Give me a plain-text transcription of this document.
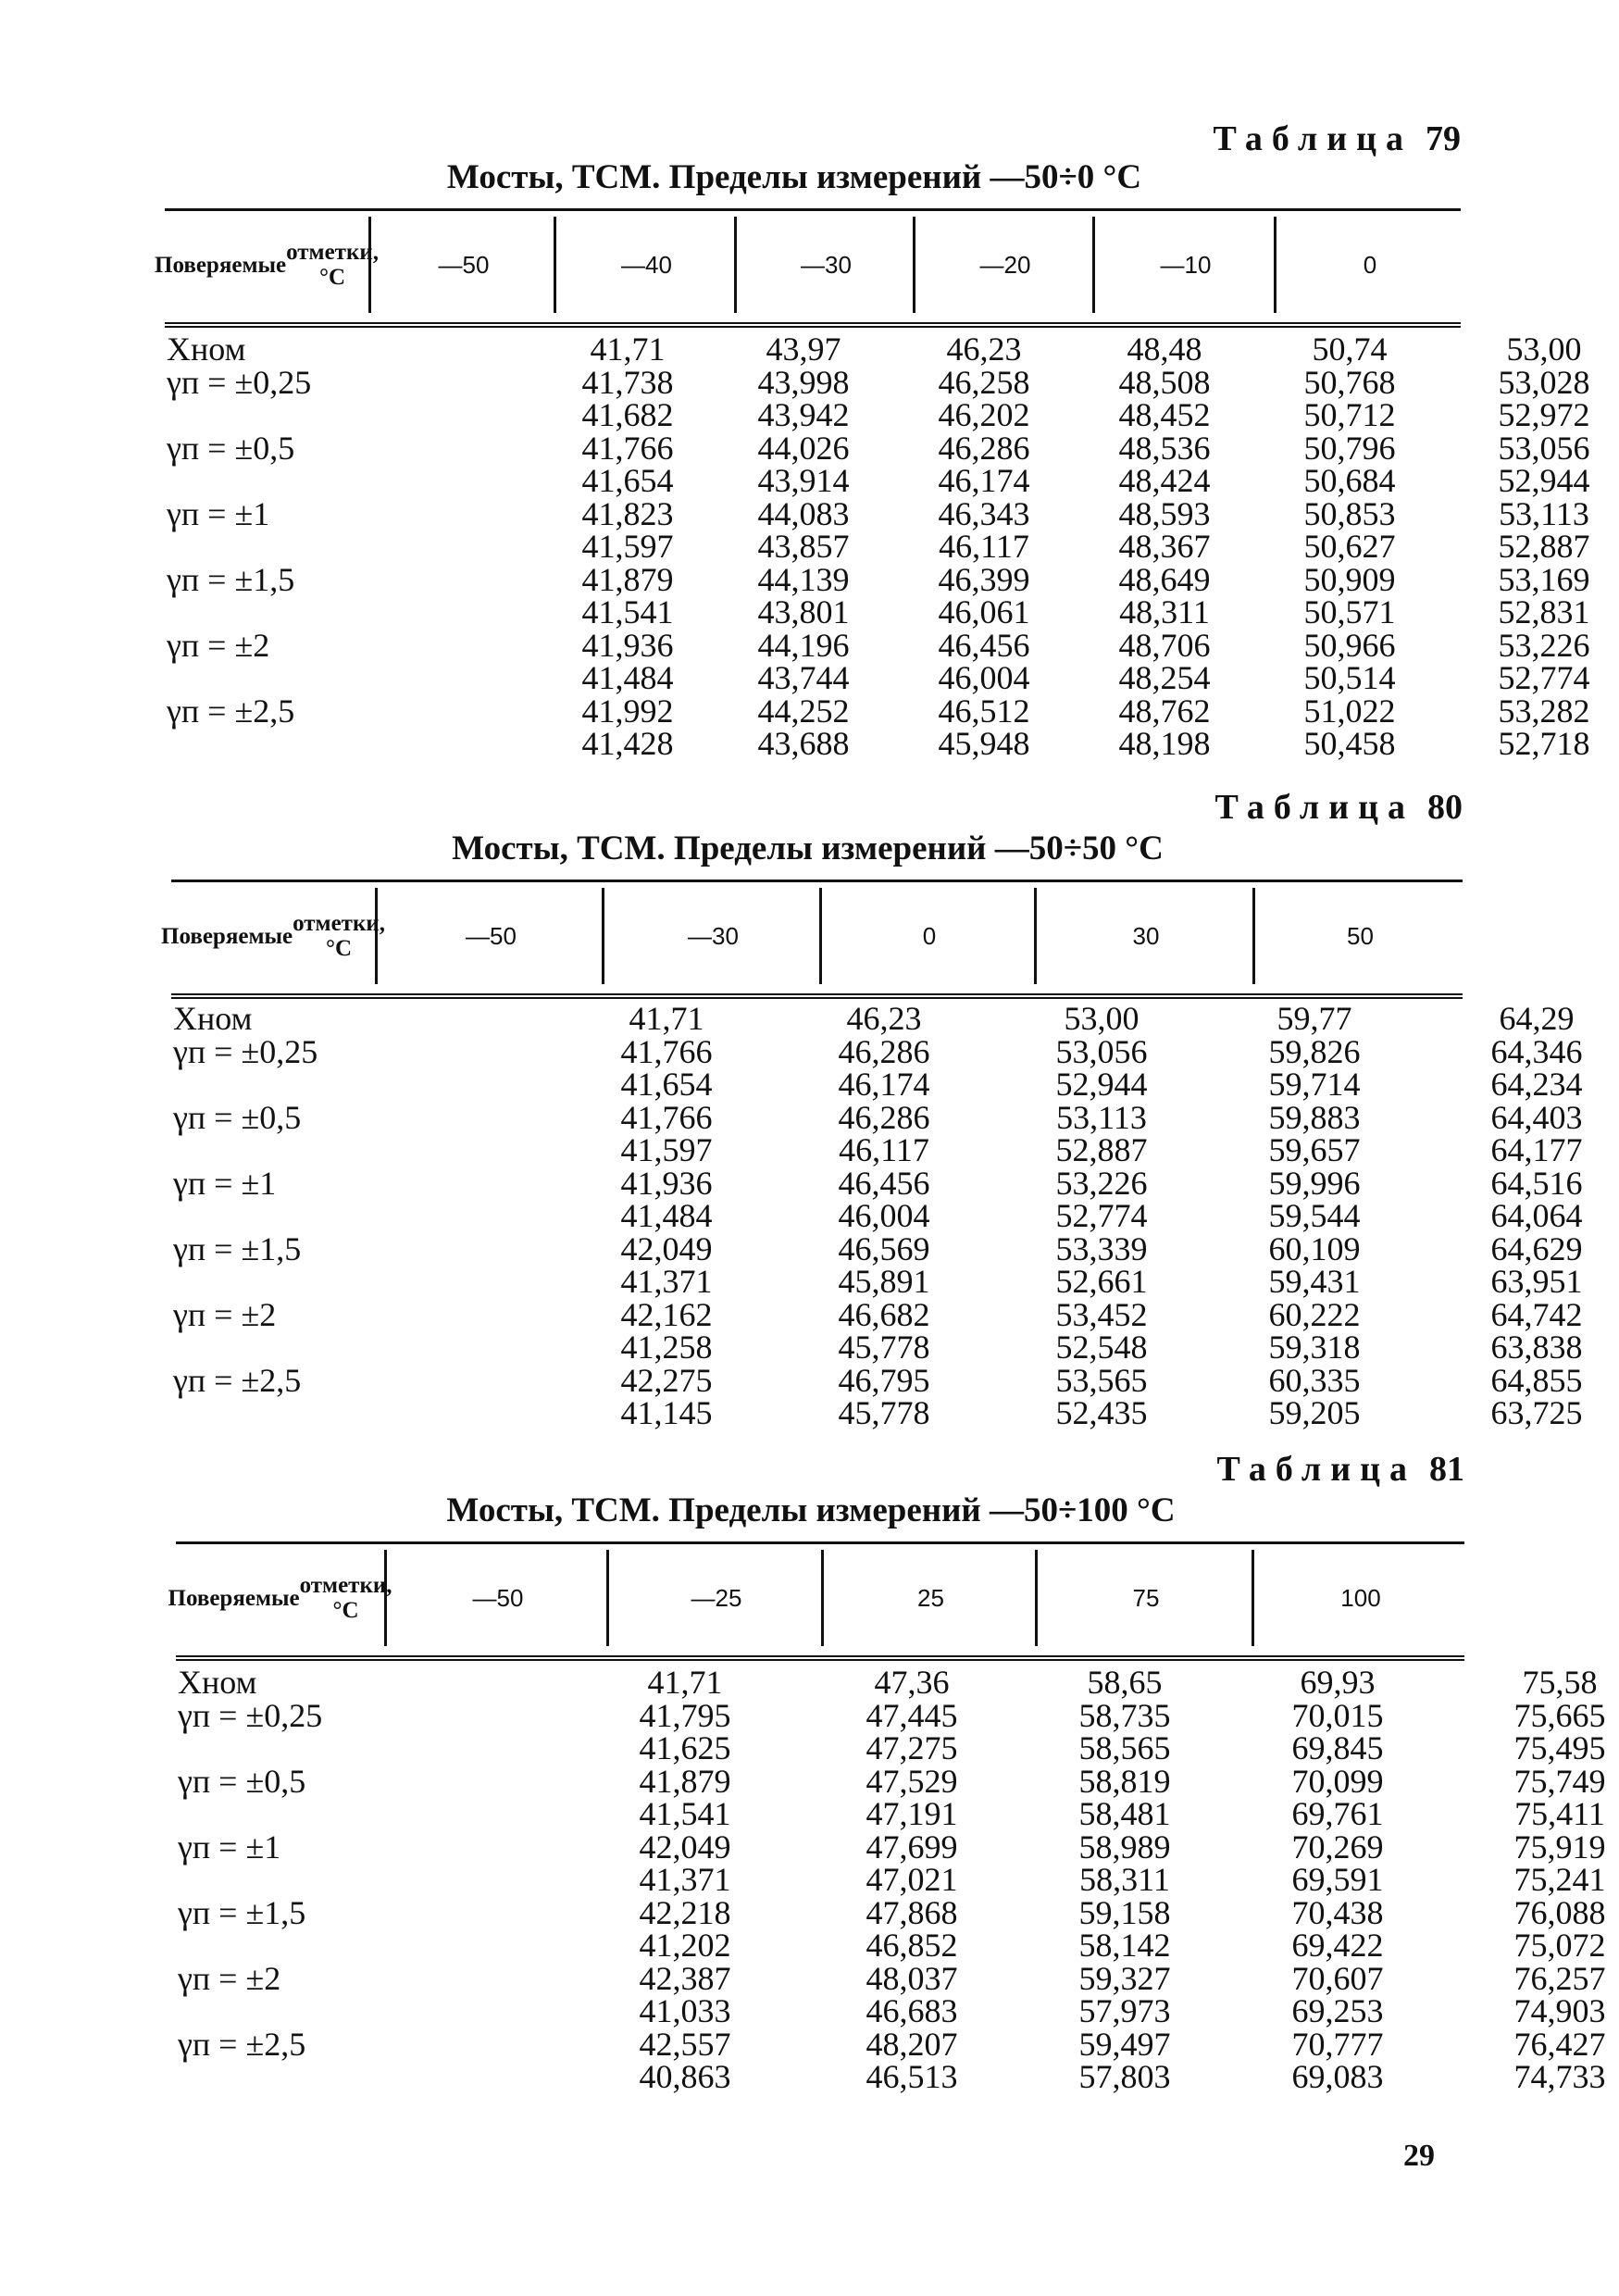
Таблица 79
Мосты, ТСМ. Пределы измерений —50÷0 °С
Поверяемые отметки, °С	—50	—40	—30	—20	—10	0
Xном	41,71	43,97	46,23	48,48	50,74	53,00
γп = ±0,25	41,738	43,998	46,258	48,508	50,768	53,028
41,682	43,942	46,202	48,452	50,712	52,972
γп = ±0,5	41,766	44,026	46,286	48,536	50,796	53,056
41,654	43,914	46,174	48,424	50,684	52,944
γп = ±1	41,823	44,083	46,343	48,593	50,853	53,113
41,597	43,857	46,117	48,367	50,627	52,887
γп = ±1,5	41,879	44,139	46,399	48,649	50,909	53,169
41,541	43,801	46,061	48,311	50,571	52,831
γп = ±2	41,936	44,196	46,456	48,706	50,966	53,226
41,484	43,744	46,004	48,254	50,514	52,774
γп = ±2,5	41,992	44,252	46,512	48,762	51,022	53,282
41,428	43,688	45,948	48,198	50,458	52,718
Таблица 80
Мосты, ТСМ. Пределы измерений —50÷50 °С
Поверяемые отметки, °С	—50	—30	0	30	50
Xном	41,71	46,23	53,00	59,77	64,29
γп = ±0,25	41,766	46,286	53,056	59,826	64,346
41,654	46,174	52,944	59,714	64,234
γп = ±0,5	41,766	46,286	53,113	59,883	64,403
41,597	46,117	52,887	59,657	64,177
γп = ±1	41,936	46,456	53,226	59,996	64,516
41,484	46,004	52,774	59,544	64,064
γп = ±1,5	42,049	46,569	53,339	60,109	64,629
41,371	45,891	52,661	59,431	63,951
γп = ±2	42,162	46,682	53,452	60,222	64,742
41,258	45,778	52,548	59,318	63,838
γп = ±2,5	42,275	46,795	53,565	60,335	64,855
41,145	45,778	52,435	59,205	63,725
Таблица 81
Мосты, ТСМ. Пределы измерений —50÷100 °С
Поверяемые отметки, °С	—50	—25	25	75	100
Xном	41,71	47,36	58,65	69,93	75,58
γп = ±0,25	41,795	47,445	58,735	70,015	75,665
41,625	47,275	58,565	69,845	75,495
γп = ±0,5	41,879	47,529	58,819	70,099	75,749
41,541	47,191	58,481	69,761	75,411
γп = ±1	42,049	47,699	58,989	70,269	75,919
41,371	47,021	58,311	69,591	75,241
γп = ±1,5	42,218	47,868	59,158	70,438	76,088
41,202	46,852	58,142	69,422	75,072
γп = ±2	42,387	48,037	59,327	70,607	76,257
41,033	46,683	57,973	69,253	74,903
γп = ±2,5	42,557	48,207	59,497	70,777	76,427
40,863	46,513	57,803	69,083	74,733
29
